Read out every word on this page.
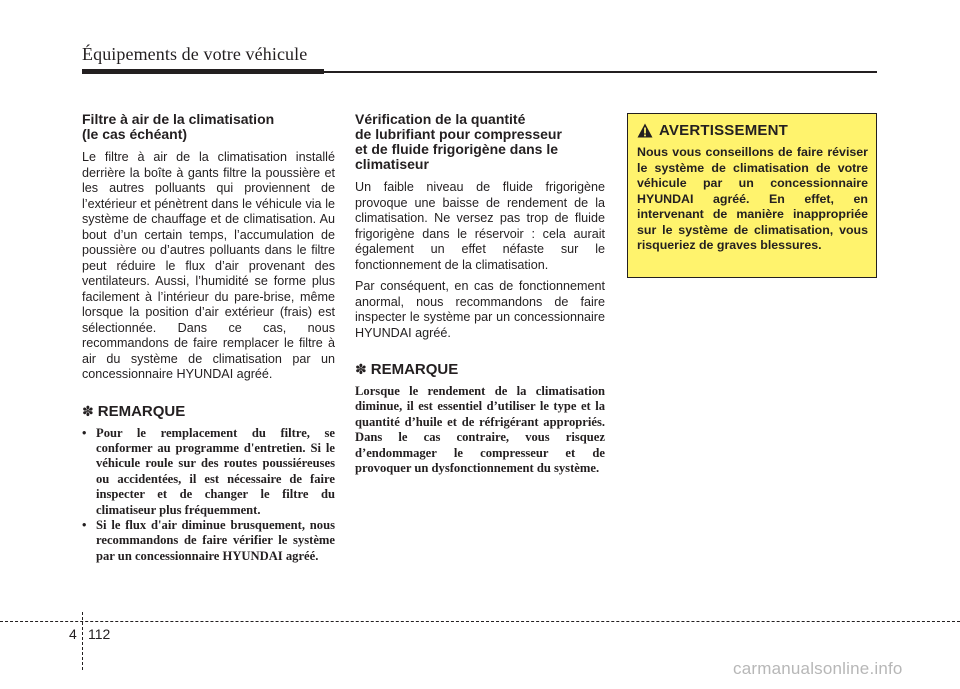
Équipements de votre véhicule
Filtre à air de la climatisation
(le cas échéant)

Le filtre à air de la climatisation installé derrière la boîte à gants filtre la poussière et les autres polluants qui proviennent de l’extérieur et pénètrent dans le véhicule via le système de chauffage et de climatisation. Au bout d’un certain temps, l’accumulation de poussière ou d’autres polluants dans le filtre peut réduire le flux d’air provenant des ventilateurs. Aussi, l’humidité se forme plus facilement à l’intérieur du pare-brise, même lorsque la position d’air extérieur (frais) est sélectionnée. Dans ce cas, nous recommandons de faire remplacer le filtre à air du système de climatisation par un concessionnaire HYUNDAI agréé.

✽ REMARQUE
• Pour le remplacement du filtre, se conformer au programme d'entretien. Si le véhicule roule sur des routes poussiéreuses ou accidentées, il est nécessaire de faire inspecter et de changer le filtre du climatiseur plus fréquemment.
• Si le flux d'air diminue brusquement, nous recommandons de faire vérifier le système par un concessionnaire HYUNDAI agréé.
Vérification de la quantité
de lubrifiant pour compresseur
et de fluide frigorigène dans le
climatiseur

Un faible niveau de fluide frigorigène provoque une baisse de rendement de la climatisation. Ne versez pas trop de fluide frigorigène dans le réservoir : cela aurait également un effet néfaste sur le fonctionnement de la climatisation.

Par conséquent, en cas de fonctionnement anormal, nous recommandons de faire inspecter le système par un concessionnaire HYUNDAI agréé.

✽ REMARQUE

Lorsque le rendement de la climatisation diminue, il est essentiel d’utiliser le type et la quantité d’huile et de réfrigérant appropriés. Dans le cas contraire, vous risquez d’endommager le compresseur et de provoquer un dysfonctionnement du système.

AVERTISSEMENT

Nous vous conseillons de faire réviser le système de climatisation de votre véhicule par un concessionnaire HYUNDAI agréé. En effet, en intervenant de manière inappropriée sur le système de climatisation, vous risqueriez de graves blessures.

4 112
carmanualsonline.info
